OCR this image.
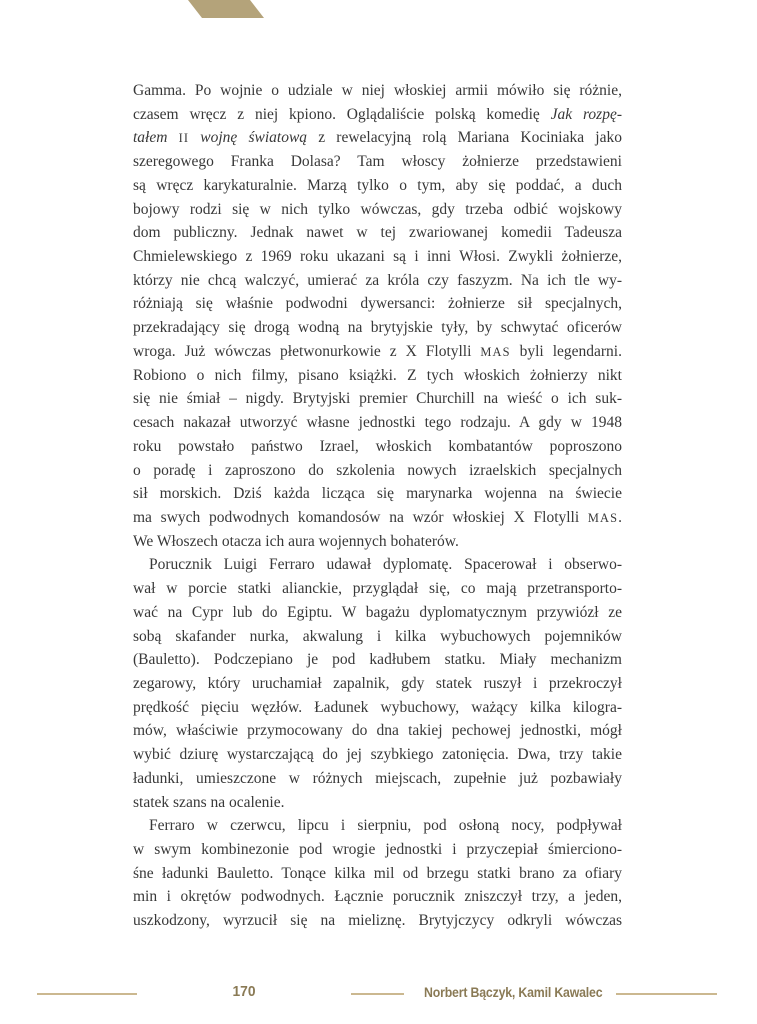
Gamma. Po wojnie o udziale w niej włoskiej armii mówiło się różnie,
czasem wręcz z niej kpiono. Oglądaliście polską komedię Jak rozpę-
tałem II wojnę światową z rewelacyjną rolą Mariana Kociniaka jako
szeregowego Franka Dolasa? Tam włoscy żołnierze przedstawieni
są wręcz karykaturalnie. Marzą tylko o tym, aby się poddać, a duch
bojowy rodzi się w nich tylko wówczas, gdy trzeba odbić wojskowy
dom publiczny. Jednak nawet w tej zwariowanej komedii Tadeusza
Chmielewskiego z 1969 roku ukazani są i inni Włosi. Zwykli żołnierze,
którzy nie chcą walczyć, umierać za króla czy faszyzm. Na ich tle wy-
różniają się właśnie podwodni dywersanci: żołnierze sił specjalnych,
przekradający się drogą wodną na brytyjskie tyły, by schwytać oficerów
wroga. Już wówczas płetwonurkowie z X Flotylli MAS byli legendarni.
Robiono o nich filmy, pisano książki. Z tych włoskich żołnierzy nikt
się nie śmiał – nigdy. Brytyjski premier Churchill na wieść o ich suk-
cesach nakazał utworzyć własne jednostki tego rodzaju. A gdy w 1948
roku powstało państwo Izrael, włoskich kombatantów poproszono
o poradę i zaproszono do szkolenia nowych izraelskich specjalnych
sił morskich. Dziś każda licząca się marynarka wojenna na świecie
ma swych podwodnych komandosów na wzór włoskiej X Flotylli MAS.
We Włoszech otacza ich aura wojennych bohaterów.
Porucznik Luigi Ferraro udawał dyplomatę. Spacerował i obserwo-
wał w porcie statki alianckie, przyglądał się, co mają przetransporto-
wać na Cypr lub do Egiptu. W bagażu dyplomatycznym przywiózł ze
sobą skafander nurka, akwalung i kilka wybuchowych pojemników
(Bauletto). Podczepiano je pod kadłubem statku. Miały mechanizm
zegarowy, który uruchamiał zapalnik, gdy statek ruszył i przekroczył
prędkość pięciu węzłów. Ładunek wybuchowy, ważący kilka kilogra-
mów, właściwie przymocowany do dna takiej pechowej jednostki, mógł
wybić dziurę wystarczającą do jej szybkiego zatonięcia. Dwa, trzy takie
ładunki, umieszczone w różnych miejscach, zupełnie już pozbawiały
statek szans na ocalenie.
Ferraro w czerwcu, lipcu i sierpniu, pod osłoną nocy, podpływał
w swym kombinezonie pod wrogie jednostki i przyczepiał śmierciono-
śne ładunki Bauletto. Tonące kilka mil od brzegu statki brano za ofiary
min i okrętów podwodnych. Łącznie porucznik zniszczył trzy, a jeden,
uszkodzony, wyrzucił się na mieliznę. Brytyjczycy odkryli wówczas
170	Norbert Bączyk, Kamil Kawalec
